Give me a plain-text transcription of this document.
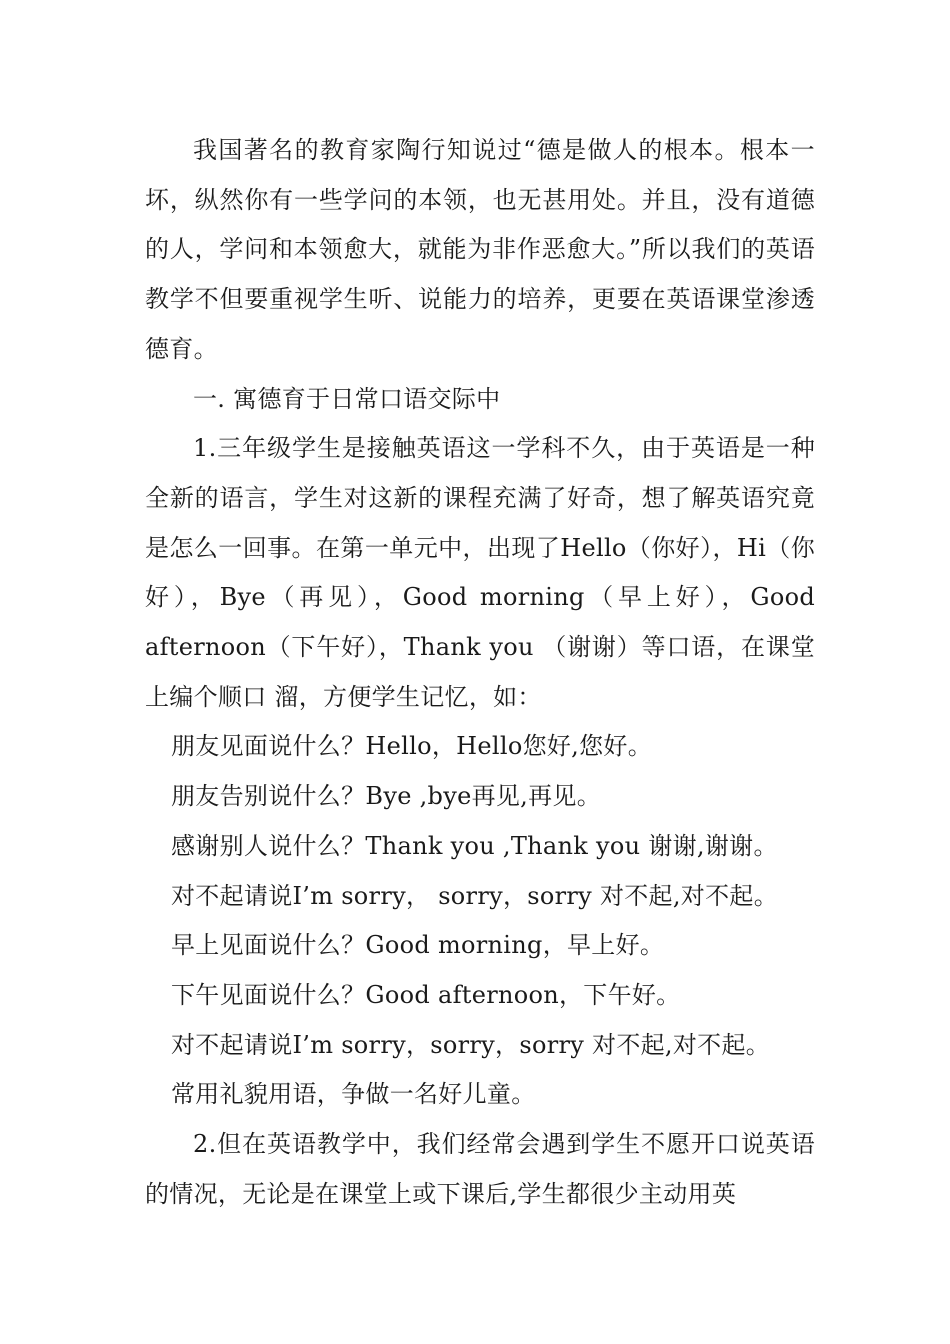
我国著名的教育家陶行知说过“德是做人的根本。根本一坏，纵然你有一些学问的本领，也无甚用处。并且，没有道德的人，学问和本领愈大，就能为非作恶愈大。”所以我们的英语教学不但要重视学生听、说能力的培养，更要在英语课堂渗透德育。

一. 寓德育于日常口语交际中

1.三年级学生是接触英语这一学科不久，由于英语是一种全新的语言，学生对这新的课程充满了好奇，想了解英语究竟是怎么一回事。在第一单元中，出现了Hello（你好），Hi（你好），Bye（再见），Good morning（早上好），Good afternoon（下午好），Thank you （谢谢）等口语，在课堂上编个顺口 溜，方便学生记忆，如：

朋友见面说什么？Hello，Hello您好,您好。

朋友告别说什么？Bye ,bye再见,再见。

感谢别人说什么？Thank you ,Thank you 谢谢,谢谢。

对不起请说I’m sorry， sorry，sorry 对不起,对不起。

早上见面说什么？Good morning，早上好。

下午见面说什么？Good afternoon，下午好。

对不起请说I’m sorry，sorry，sorry 对不起,对不起。

常用礼貌用语，争做一名好儿童。

2.但在英语教学中，我们经常会遇到学生不愿开口说英语的情况，无论是在课堂上或下课后,学生都很少主动用英
